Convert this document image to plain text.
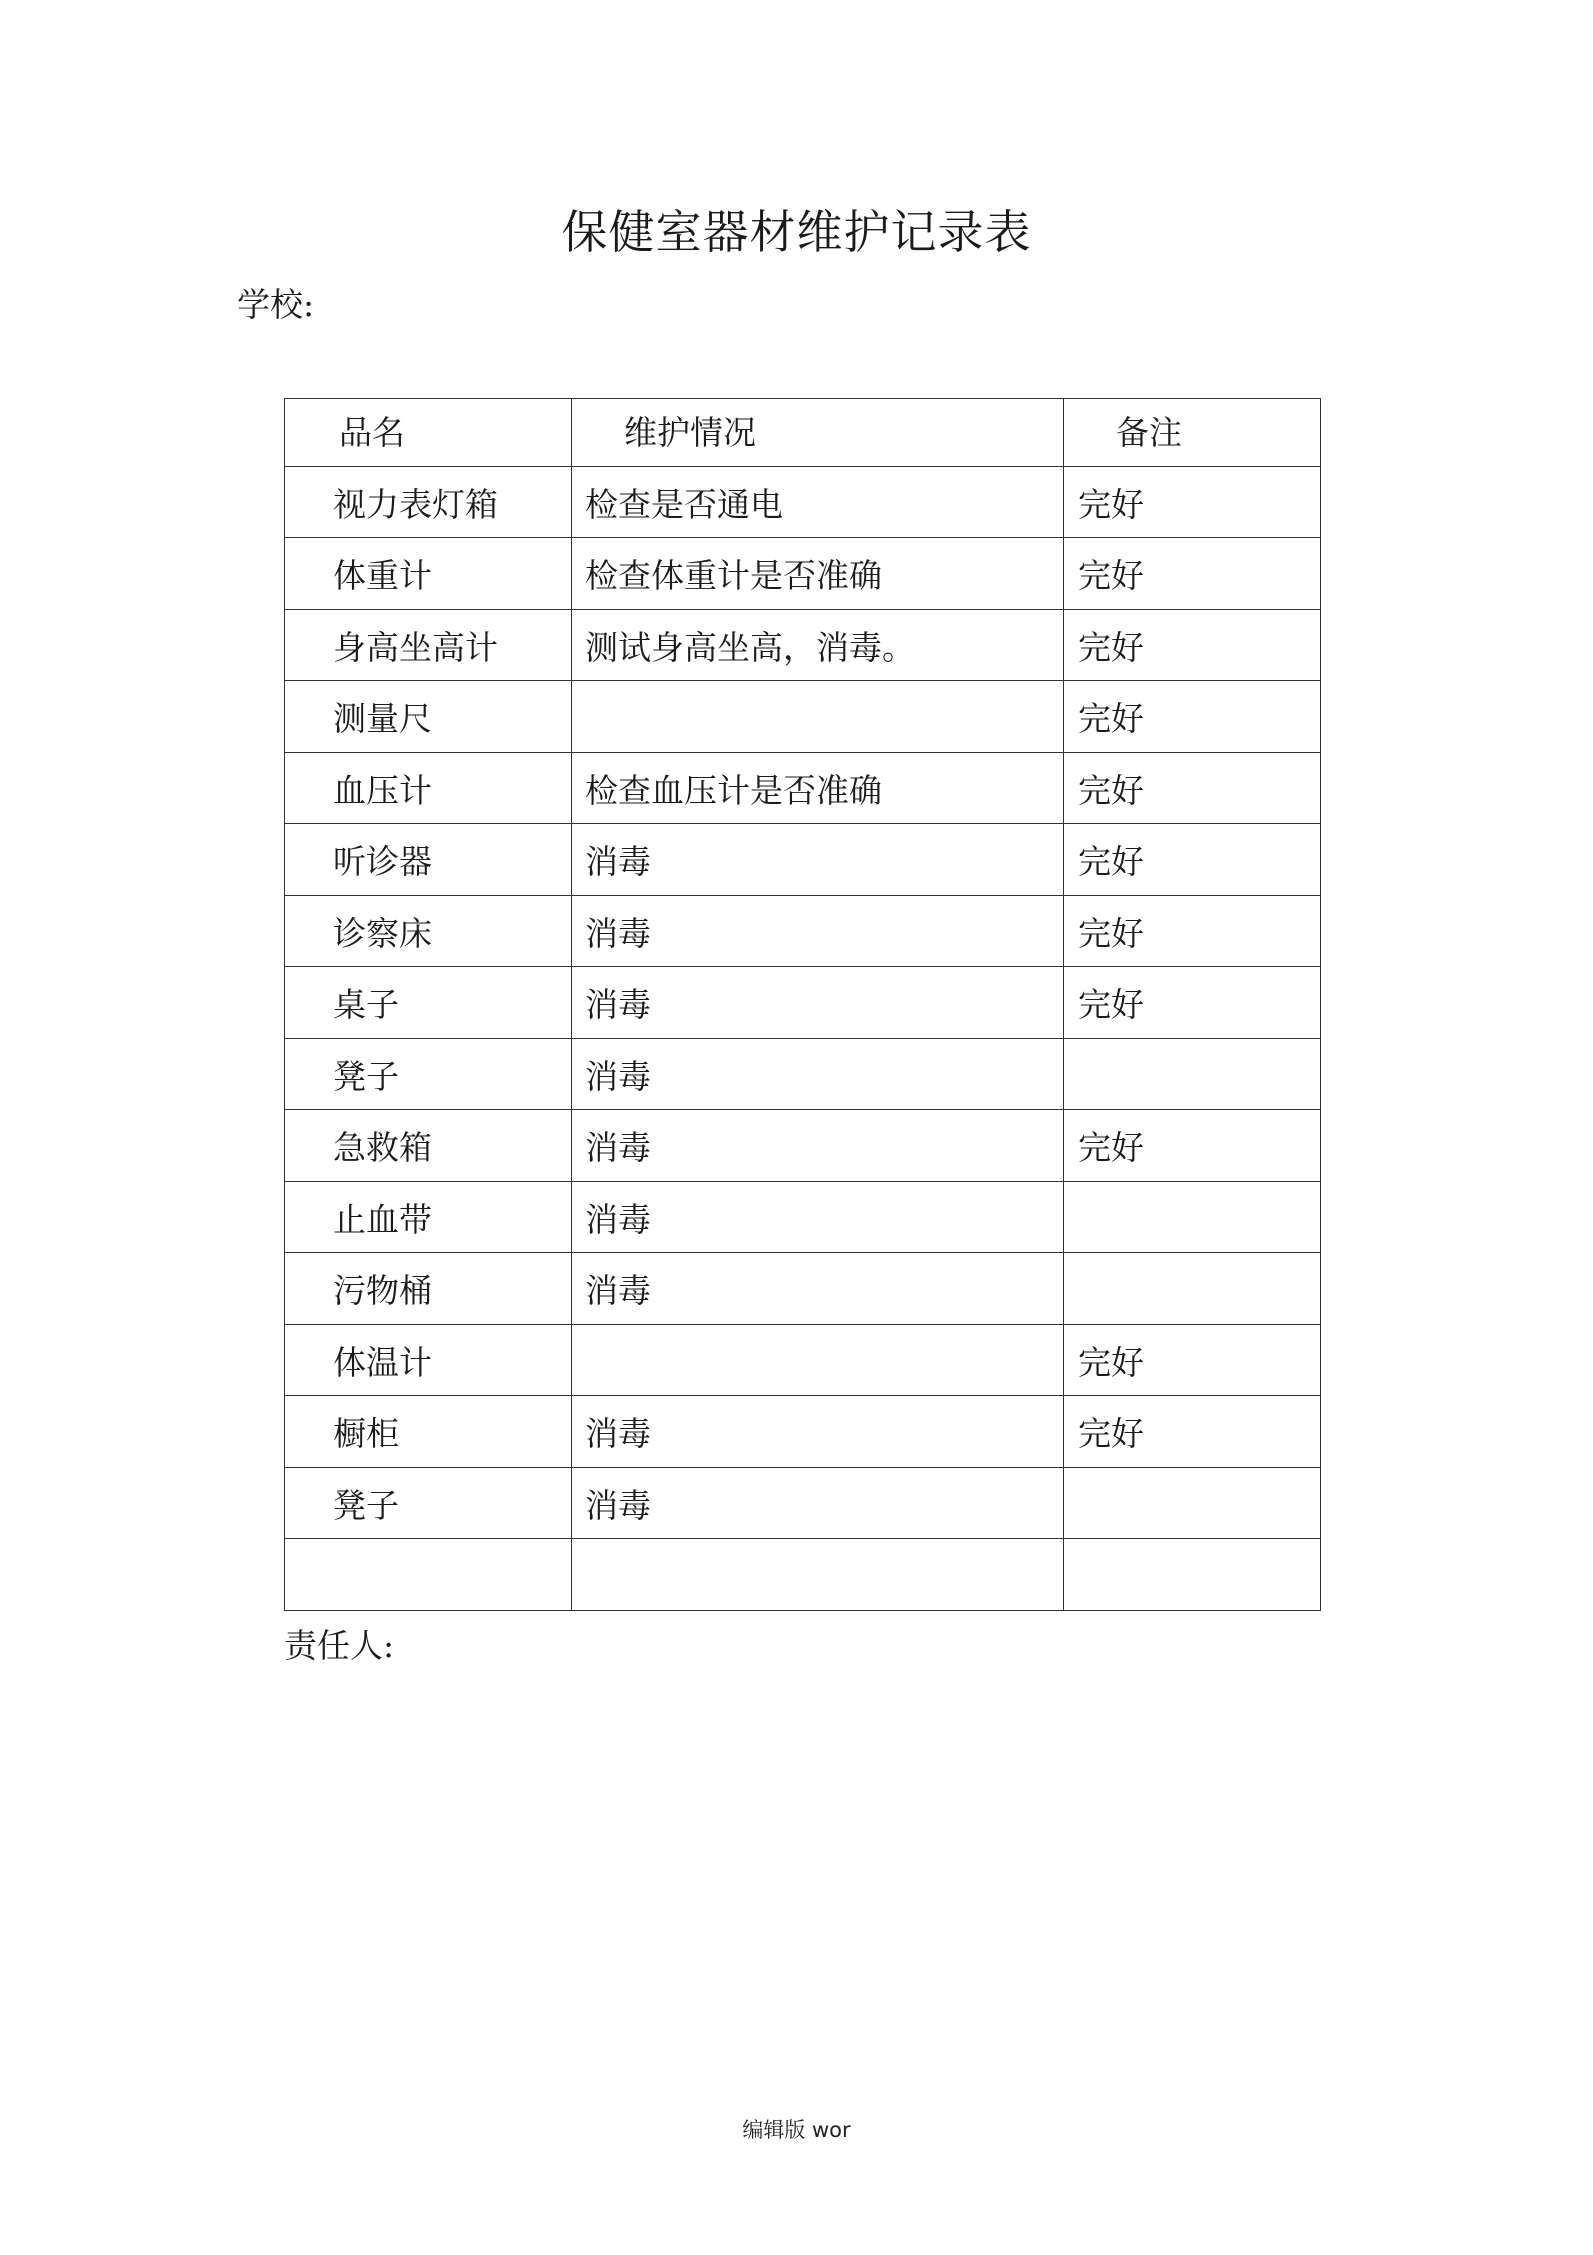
保健室器材维护记录表
学校:
品名	维护情况	备注
视力表灯箱	检查是否通电	完好
体重计	检查体重计是否准确	完好
身高坐高计	测试身高坐高，消毒。	完好
测量尺		完好
血压计	检查血压计是否准确	完好
听诊器	消毒	完好
诊察床	消毒	完好
桌子	消毒	完好
凳子	消毒	
急救箱	消毒	完好
止血带	消毒	
污物桶	消毒	
体温计		完好
橱柜	消毒	完好
凳子	消毒	

责任人:
编辑版 wor
